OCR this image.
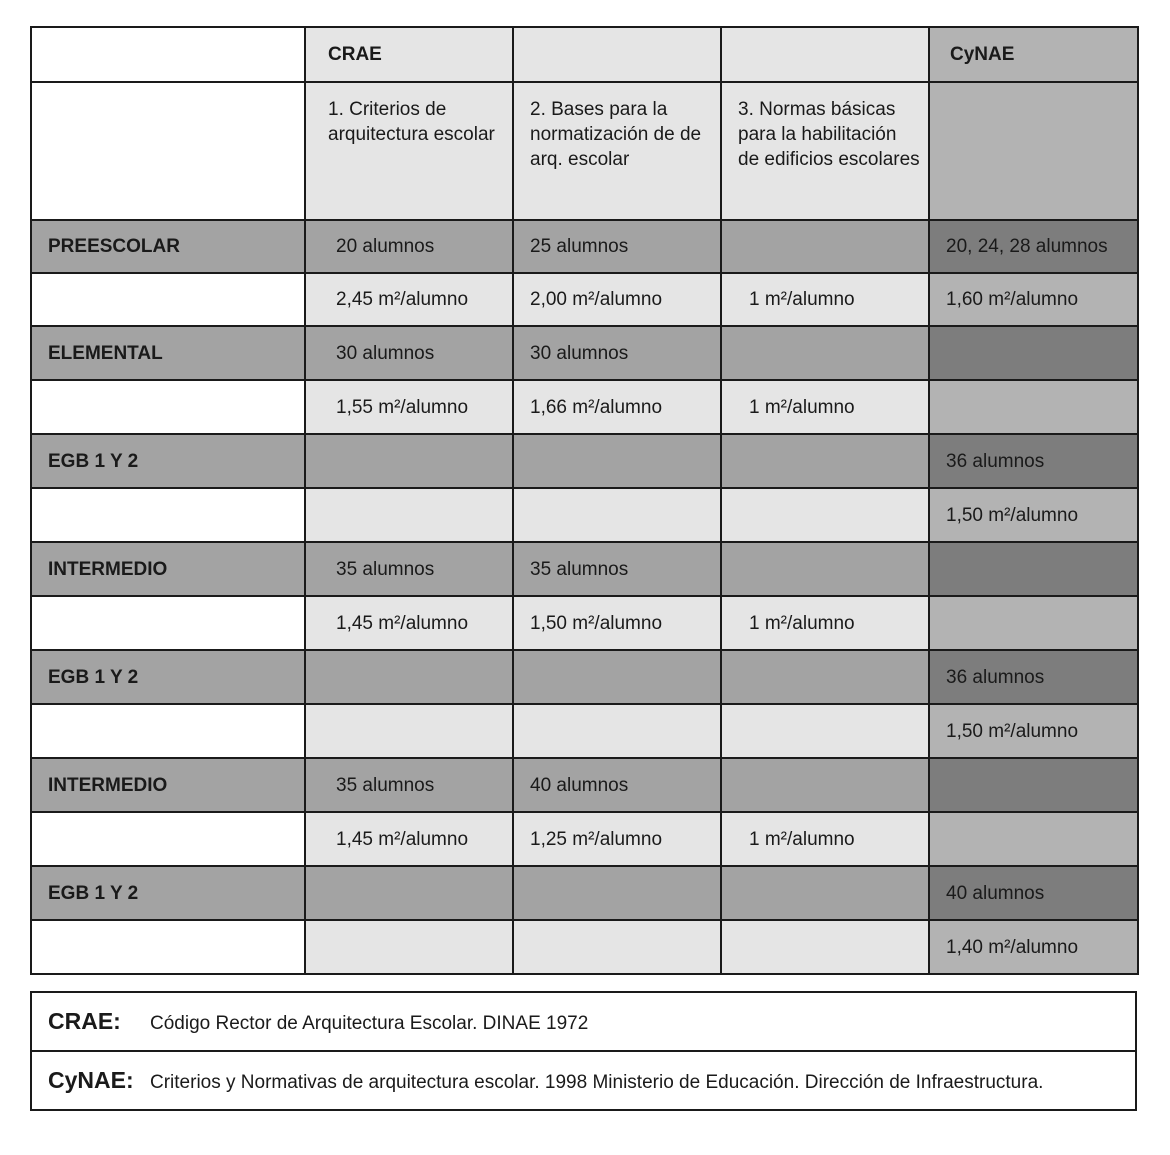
	CRAE			CyNAE
	1. Criterios de arquitectura escolar	2. Bases para la normatización de de arq. escolar	3. Normas básicas para la habilitación de edificios escolares	
PREESCOLAR	20 alumnos	25 alumnos		20, 24, 28 alumnos
	2,45 m²/alumno	2,00 m²/alumno	1 m²/alumno	1,60 m²/alumno
ELEMENTAL	30 alumnos	30 alumnos		
	1,55 m²/alumno	1,66 m²/alumno	1 m²/alumno	
EGB 1 Y 2				36 alumnos
				1,50 m²/alumno
INTERMEDIO	35 alumnos	35 alumnos		
	1,45 m²/alumno	1,50 m²/alumno	1 m²/alumno	
EGB 1 Y 2				36 alumnos
				1,50 m²/alumno
INTERMEDIO	35 alumnos	40 alumnos		
	1,45 m²/alumno	1,25 m²/alumno	1 m²/alumno	
EGB 1 Y 2				40 alumnos
				1,40 m²/alumno
CRAE: Código Rector de Arquitectura Escolar. DINAE 1972
CyNAE: Criterios y Normativas de arquitectura escolar. 1998 Ministerio de Educación. Dirección de Infraestructura.
